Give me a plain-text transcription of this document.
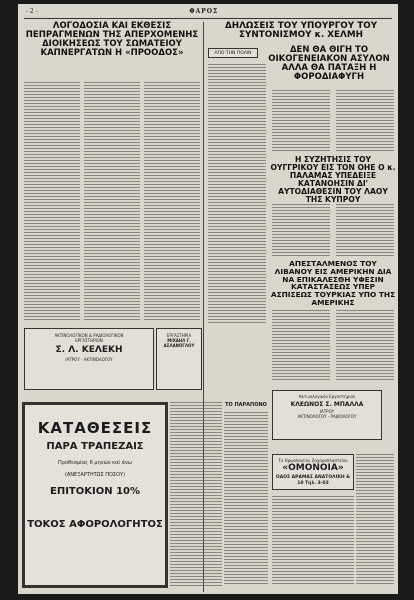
- 2 -	ΦΑΡΟΣ
ΛΟΓΟΔΟΣΙΑ ΚΑΙ ΕΚΘΕΣΙΣ ΠΕΠΡΑΓΜΕΝΩΝ ΤΗΣ ΑΠΕΡΧΟΜΕΝΗΣ ΔΙΟΙΚΗΣΕΩΣ ΤΟΥ ΣΩΜΑΤΕΙΟΥ ΚΑΠΝΕΡΓΑΤΩΝ Η «ΠΡΟΟΔΟΣ»
ΔΗΛΩΣΕΙΣ ΤΟΥ ΥΠΟΥΡΓΟΥ ΤΟΥ ΣΥΝΤΟΝΙΣΜΟΥ κ. ΧΕΛΜΗ
ΑΠΟ ΤΗΝ ΠΟΛΙΝ	ΔΕΝ ΘΑ ΘΙΓΗ ΤΟ ΟΙΚΟΓΕΝΕΙΑΚΟΝ ΑΣΥΛΟΝ ΑΛΛΑ ΘΑ ΠΑΤΑΞΗ Η ΦΟΡΟΔΙΑΦΥΓΗ
Η ΣΥΖΗΤΗΣΙΣ ΤΟΥ ΟΥΓΓΡΙΚΟΥ ΕΙΣ ΤΟΝ ΟΗΕ Ο κ. ΠΑΛΑΜΑΣ ΥΠΕΔΕΙΞΕ ΚΑΤΑΝΟΗΣΙΝ ΔΙ' ΑΥΤΟΔΙΑΘΕΣΙΝ ΤΟΥ ΛΑΟΥ ΤΗΣ ΚΥΠΡΟΥ
ΑΠΕΣΤΑΛΜΕΝΟΣ ΤΟΥ ΛΙΒΑΝΟΥ ΕΙΣ ΑΜΕΡΙΚΗΝ ΔΙΑ ΝΑ ΕΠΙΚΑΛΕΣΘΗ ΥΦΕΣΙΝ ΚΑΤΑΣΤΑΣΕΩΣ ΥΠΕΡ ΑΣΠΙΣΕΩΣ ΤΟΥΡΚΙΑΣ ΥΠΟ ΤΗΣ ΑΜΕΡΙΚΗΣ
ΑΚΤΙΝΟΛΟΓΙΚΟΝ & ΡΑΔΙΟΛΟΓΙΚΟΝ
ΕΡΓΑΣΤΗΡΙΟΝ
Σ. Λ. ΚΕΛΕΚΗ
ΙΑΤΡΟΥ - ΑΚΤΙΝΟΛΟΓΟΥ
ΕΡΓΑΣΤΗΡΙΑ
ΜΙΧΑΗΛ Γ. ΑΣΛΑΝΟΓΛΟΥ
ΚΑΤΑΘΕΣΕΙΣ
ΠΑΡΑ ΤΡΑΠΕΖΑΙΣ
Προθεσμίας 6 μηνών καί άνω
(ΑΝΕΞΑΡΤΗΤΩΣ ΠΟΣΟΥ)
ΕΠΙΤΟΚΙΟΝ 10%
ΤΟΚΟΣ ΑΦΟΡΟΛΟΓΗΤΟΣ
ΤΟ ΠΑΡΑΠΟΝΟ
Ακτινολογικόν Εργαστήριον
ΚΛΕΩΝΟΣ Σ. ΜΠΑΛΛΑ
ΙΑΤΡΟΥ
ΑΚΤΙΝΟΛΟΓΟΥ - ΡΑΔΙΟΛΟΓΟΥ
Το Ηρωοποιείον Ζαχαροπλαστείον
«ΟΜΟΝΟΙΑ»
ΟΔΟΣ ΔΡΑΜΑΣ ΑΝΑΤΟΛΙΚΗ & 10 Τηλ. 3-03
